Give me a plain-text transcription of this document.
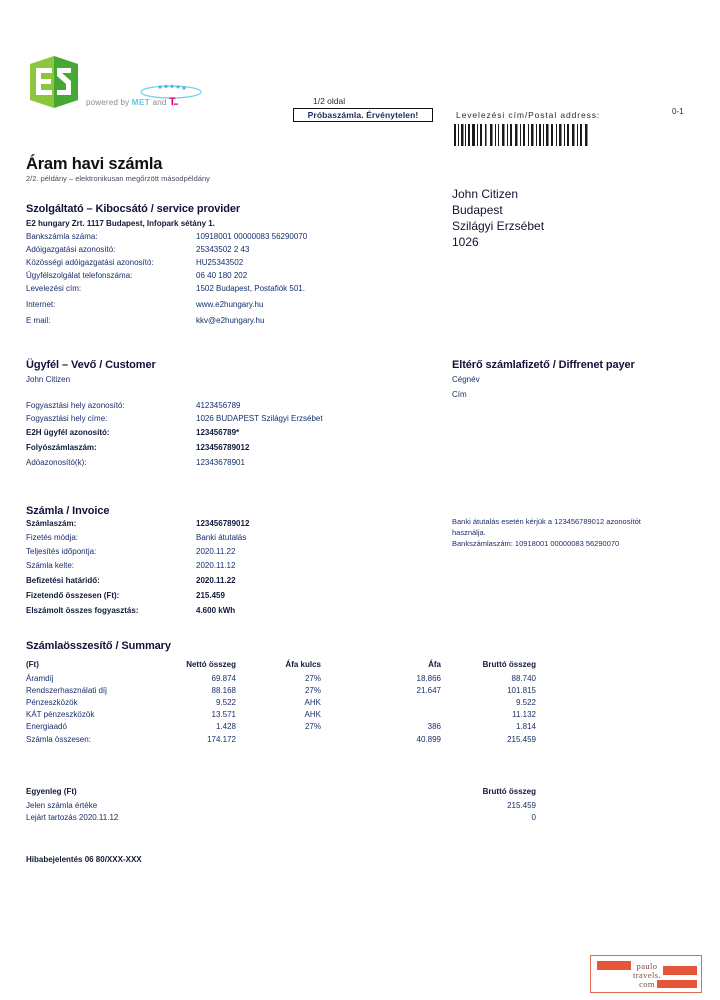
powered by MET and T..	1/2 oldal
Próbaszámla. Érvénytelen!	Levelezési cím/Postal address:	0-1
Áram havi számla
2/2. példány – elektronikusan megőrzött másodpéldány
Szolgáltató – Kibocsátó / service provider
E2 hungary Zrt. 1117 Budapest, Infopark sétány 1.
Bankszámla száma:	10918001 00000083 56290070
Adóigazgatási azonosító:	25343502 2 43
Közösségi adóigazgatási azonosító:	HU25343502
Ügyfélszolgálat telefonszáma:	06 40 180 202
Levelezési cím:	1502 Budapest, Postafiók 501.
Internet:	www.e2hungary.hu
E mail:	kkv@e2hungary.hu
John Citizen
Budapest
Szilágyi Erzsébet
1026
Ügyfél – Vevő / Customer
John Citizen
Fogyasztási hely azonosító:	4123456789
Fogyasztási hely címe:	1026 BUDAPEST Szilágyi Erzsébet
E2H ügyfél azonosító:	123456789*
Folyószámlaszám:	123456789012
Adóazonosító(k):	12343678901
Eltérő számlafizető / Diffrenet payer
Cégnév
Cím
Számla / Invoice
Számlaszám:	123456789012
Fizetés módja:	Banki átutalás
Teljesítés időpontja:	2020.11.22
Számla kelte:	2020.11.12
Befizetési határidő:	2020.11.22
Fizetendő összesen (Ft):	215.459
Elszámolt összes fogyasztás:	4.600 kWh
Banki átutalás esetén kérjük a 123456789012 azonosítót
használja.
Bankszámlaszám: 10918001 00000083 56290070
Számlaösszesítő / Summary
(Ft)	Nettó összeg	Áfa kulcs	Áfa	Bruttó összeg
Áramdíj	69.874	27%	18.866	88.740
Rendszerhasználati díj	88.168	27%	21.647	101.815
Pénzeszközök	9.522	AHK		9.522
KÁT pénzeszközök	13.571	AHK		11.132
Energiaadó	1.428	27%	386	1.814
Számla összesen:	174.172		40.899	215.459
Egyenleg (Ft)	Bruttó összeg
Jelen számla értéke	215.459
Lejárt tartozás 2020.11.12	0
Hibabejelentés 06 80/XXX-XXX
paulo
travels.
com
